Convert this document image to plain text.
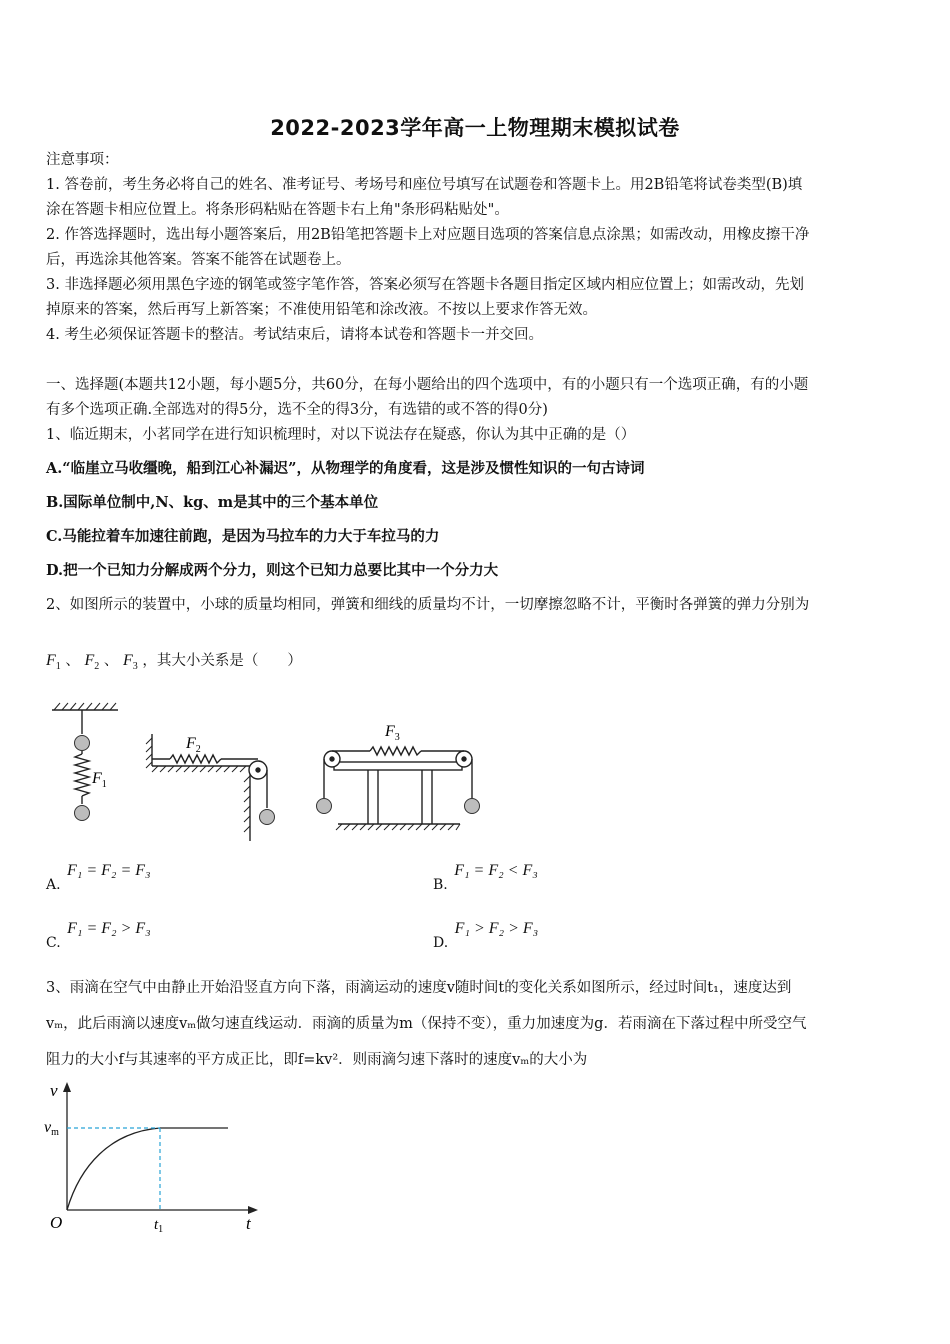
2022-2023学年高一上物理期末模拟试卷
注意事项：
1. 答卷前，考生务必将自己的姓名、准考证号、考场号和座位号填写在试题卷和答题卡上。用2B铅笔将试卷类型(B)填
涂在答题卡相应位置上。将条形码粘贴在答题卡右上角"条形码粘贴处"。
2. 作答选择题时，选出每小题答案后，用2B铅笔把答题卡上对应题目选项的答案信息点涂黑；如需改动，用橡皮擦干净
后，再选涂其他答案。答案不能答在试题卷上。
3. 非选择题必须用黑色字迹的钢笔或签字笔作答，答案必须写在答题卡各题目指定区域内相应位置上；如需改动，先划
掉原来的答案，然后再写上新答案；不准使用铅笔和涂改液。不按以上要求作答无效。
4. 考生必须保证答题卡的整洁。考试结束后，请将本试卷和答题卡一并交回。
一、选择题(本题共12小题，每小题5分，共60分，在每小题给出的四个选项中，有的小题只有一个选项正确，有的小题
有多个选项正确.全部选对的得5分，选不全的得3分，有选错的或不答的得0分)
1、临近期末，小茗同学在进行知识梳理时，对以下说法存在疑惑，你认为其中正确的是（）
A.“临崖立马收缰晚，船到江心补漏迟”，从物理学的角度看，这是涉及惯性知识的一句古诗词
B.国际单位制中,N、kg、m是其中的三个基本单位
C.马能拉着车加速往前跑，是因为马拉车的力大于车拉马的力
D.把一个已知力分解成两个分力，则这个已知力总要比其中一个分力大
2、如图所示的装置中，小球的质量均相同，弹簧和细线的质量均不计，一切摩擦忽略不计，平衡时各弹簧的弹力分别为
$F_1$ 、 $F_2$ 、 $F_3$ ，其大小关系是（　　）
$F_1$
$F_2$
$F_3$
A. F₁ = F₂ = F₃
B. F₁ = F₂ < F₃
C. F₁ = F₂ > F₃
D. F₁ > F₂ > F₃
3、雨滴在空气中由静止开始沿竖直方向下落，雨滴运动的速度v随时间t的变化关系如图所示，经过时间t₁，速度达到
vₘ，此后雨滴以速度vₘ做匀速直线运动．雨滴的质量为m（保持不变），重力加速度为g．若雨滴在下落过程中所受空气
阻力的大小f与其速率的平方成正比，即f=kv²．则雨滴匀速下落时的速度vₘ的大小为
v
vm
O	$t_1$	t
